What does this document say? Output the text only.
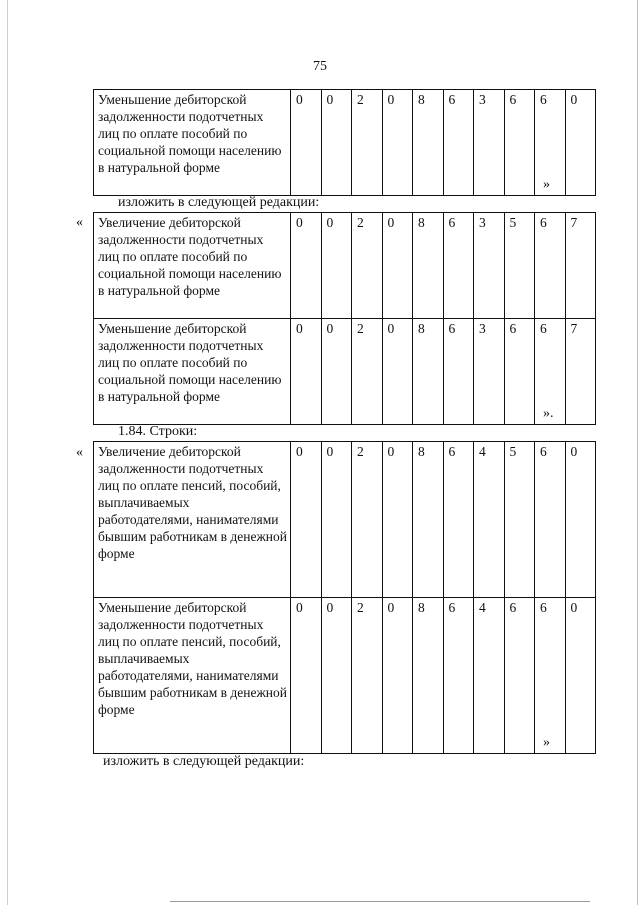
75
Уменьшение дебиторской задолженности подотчетных лиц по оплате пособий по социальной помощи населению в натуральной форме	0	0	2	0	8	6	3	6	6	0
»
изложить в следующей редакции:
« Увеличение дебиторской задолженности подотчетных лиц по оплате пособий по социальной помощи населению в натуральной форме	0	0	2	0	8	6	3	5	6	7
Уменьшение дебиторской задолженности подотчетных лиц по оплате пособий по социальной помощи населению в натуральной форме	0	0	2	0	8	6	3	6	6	7
».
1.84. Строки:
« Увеличение дебиторской задолженности подотчетных лиц по оплате пенсий, пособий, выплачиваемых работодателями, нанимателями бывшим работникам в денежной форме	0	0	2	0	8	6	4	5	6	0
Уменьшение дебиторской задолженности подотчетных лиц по оплате пенсий, пособий, выплачиваемых работодателями, нанимателями бывшим работникам в денежной форме	0	0	2	0	8	6	4	6	6	0
»
изложить в следующей редакции:
